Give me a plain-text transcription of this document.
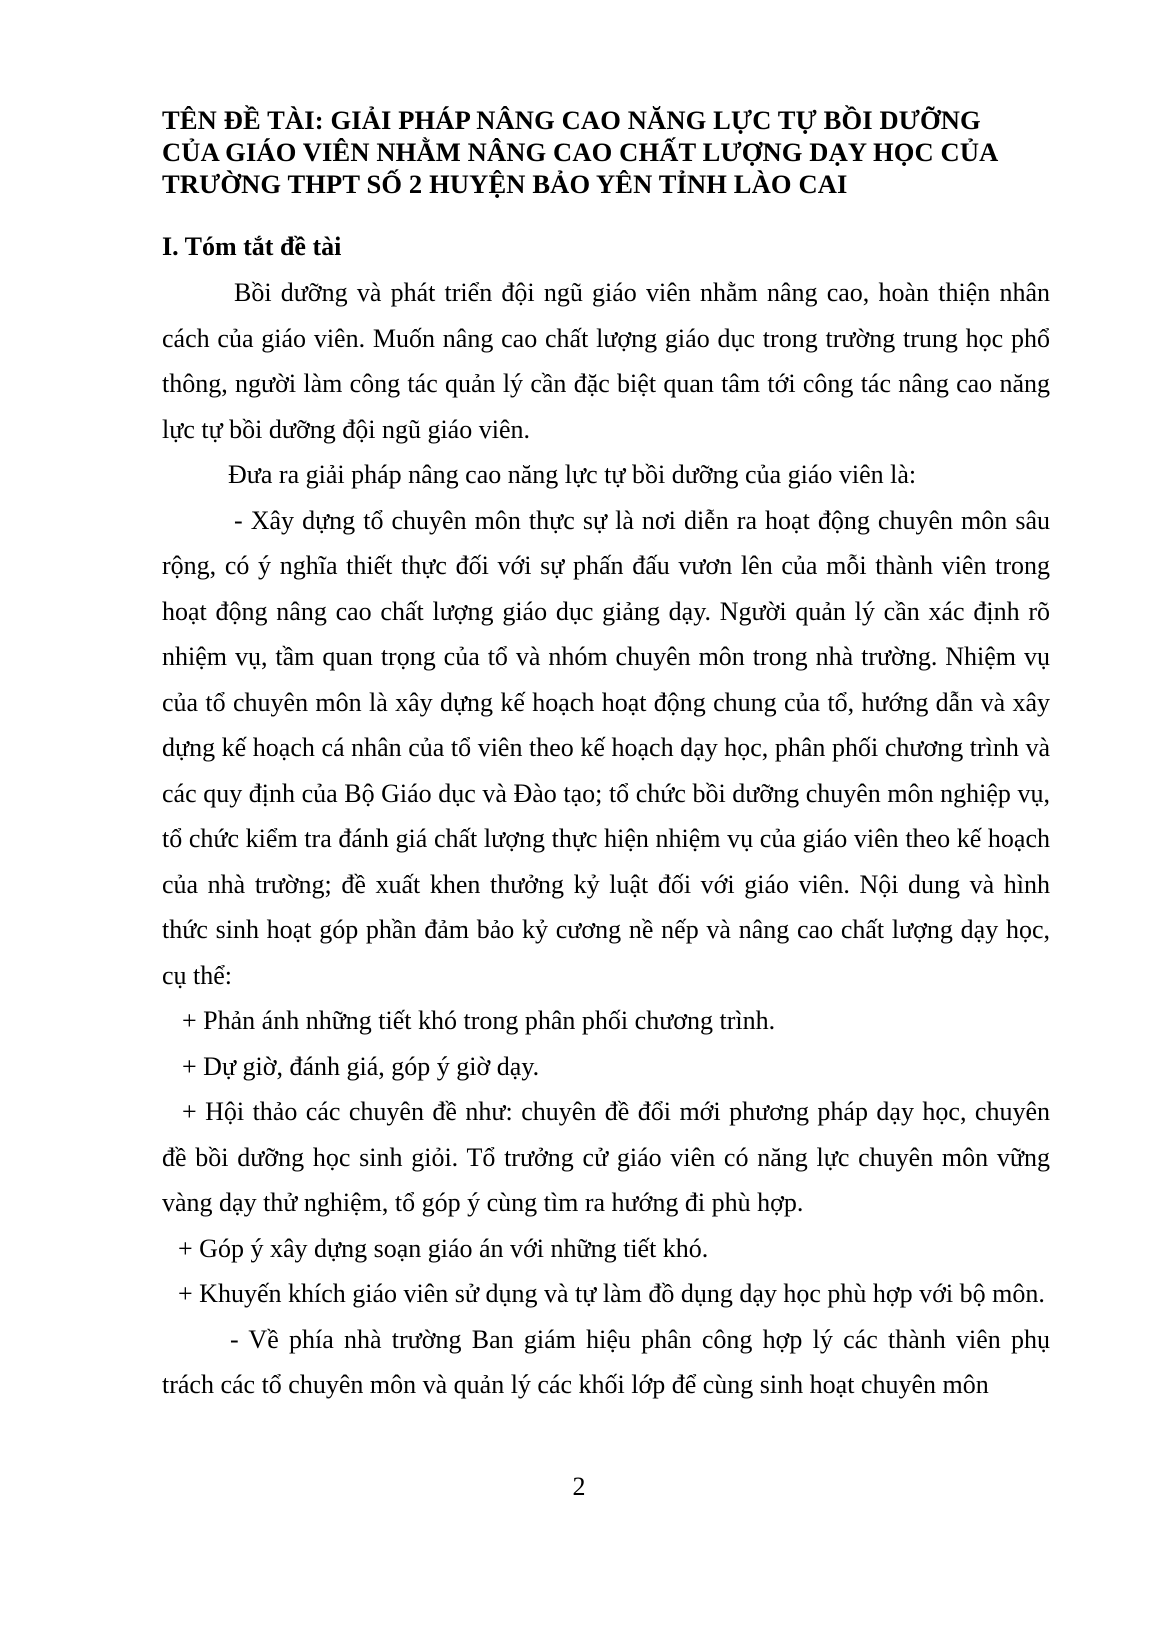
TÊN ĐỀ TÀI: GIẢI PHÁP NÂNG CAO NĂNG LỰC TỰ BỒI DƯỠNG
CỦA GIÁO VIÊN NHẰM NÂNG CAO CHẤT LƯỢNG DẠY HỌC CỦA
TRƯỜNG THPT SỐ 2 HUYỆN BẢO YÊN TỈNH LÀO CAI
I. Tóm tắt đề tài

Bồi dưỡng và phát triển đội ngũ giáo viên nhằm nâng cao, hoàn thiện nhân cách của giáo viên. Muốn nâng cao chất lượng giáo dục trong trường trung học phổ thông, người làm công tác quản lý cần đặc biệt quan tâm tới công tác nâng cao năng lực tự bồi dưỡng đội ngũ giáo viên.

Đưa ra giải pháp nâng cao năng lực tự bồi dưỡng của giáo viên là:

- Xây dựng tổ chuyên môn thực sự là nơi diễn ra hoạt động chuyên môn sâu rộng, có ý nghĩa thiết thực đối với sự phấn đấu vươn lên của mỗi thành viên trong hoạt động nâng cao chất lượng giáo dục giảng dạy. Người quản lý cần xác định rõ nhiệm vụ, tầm quan trọng của tổ và nhóm chuyên môn trong nhà trường. Nhiệm vụ của tổ chuyên môn là xây dựng kế hoạch hoạt động chung của tổ, hướng dẫn và xây dựng kế hoạch cá nhân của tổ viên theo kế hoạch dạy học, phân phối chương trình và các quy định của Bộ Giáo dục và Đào tạo; tổ chức bồi dưỡng chuyên môn nghiệp vụ, tổ chức kiểm tra đánh giá chất lượng thực hiện nhiệm vụ của giáo viên theo kế hoạch của nhà trường; đề xuất khen thưởng kỷ luật đối với giáo viên. Nội dung và hình thức sinh hoạt góp phần đảm bảo kỷ cương nề nếp và nâng cao chất lượng dạy học, cụ thể:

+ Phản ánh những tiết khó trong phân phối chương trình.

+ Dự giờ, đánh giá, góp ý giờ dạy.

+ Hội thảo các chuyên đề như: chuyên đề đổi mới phương pháp dạy học, chuyên đề bồi dưỡng học sinh giỏi. Tổ trưởng cử giáo viên có năng lực chuyên môn vững vàng dạy thử nghiệm, tổ góp ý cùng tìm ra hướng đi phù hợp.

+ Góp ý xây dựng soạn giáo án với những tiết khó.

+ Khuyến khích giáo viên sử dụng và tự làm đồ dụng dạy học phù hợp với bộ môn.

- Về phía nhà trường Ban giám hiệu phân công hợp lý các thành viên phụ trách các tổ chuyên môn và quản lý các khối lớp để cùng sinh hoạt chuyên môn

2
